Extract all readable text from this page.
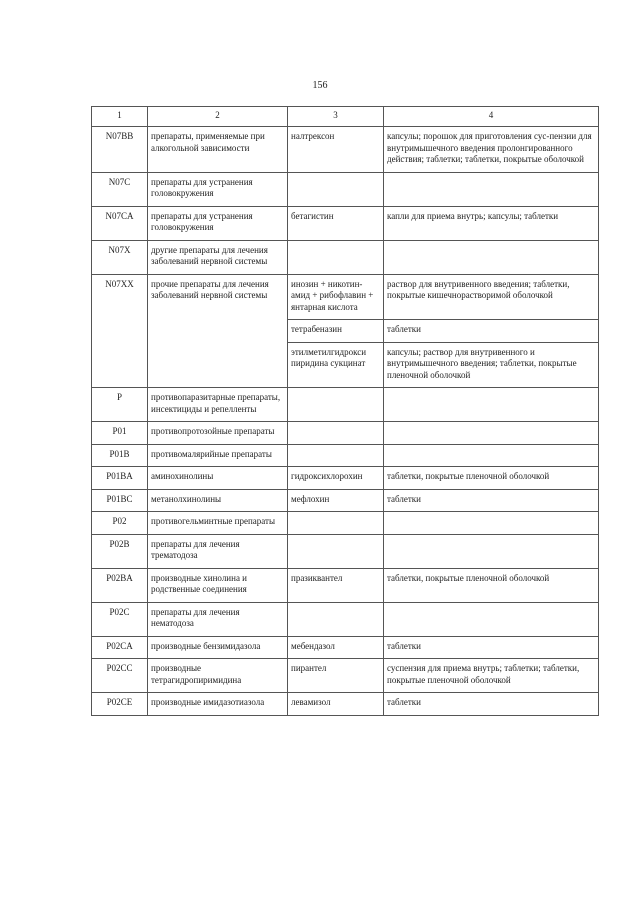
156
1	2	3	4
N07BB	препараты, применяемые при алкогольной зависимости	налтрексон	капсулы; порошок для приготовления сус-пензии для внутримышечного введения пролонгированного действия; таблетки; таблетки, покрытые оболочкой
N07C	препараты для устранения головокружения		
N07CA	препараты для устранения головокружения	бетагистин	капли для приема внутрь; капсулы; таблетки
N07X	другие препараты для лечения заболеваний нервной системы		
N07XX	прочие препараты для лечения заболеваний нервной системы	инозин + никотин-амид + рибофлавин + янтарная кислота	раствор для внутривенного введения; таблетки, покрытые кишечнорастворимой оболочкой
		тетрабеназин	таблетки
		этилметилгидрокси пиридина сукцинат	капсулы; раствор для внутривенного и внутримышечного введения; таблетки, покрытые пленочной оболочкой
P	противопаразитарные препараты, инсектициды и репелленты		
P01	противопротозойные препараты		
P01B	противомалярийные препараты		
P01BA	аминохинолины	гидроксихлорохин	таблетки, покрытые пленочной оболочкой
P01BC	метанолхинолины	мефлохин	таблетки
P02	противогельминтные препараты		
P02B	препараты для лечения трематодоза		
P02BA	производные хинолина и родственные соединения	празиквантел	таблетки, покрытые пленочной оболочкой
P02C	препараты для лечения нематодоза		
P02CA	производные бензимидазола	мебендазол	таблетки
P02CC	производные тетрагидропиримидина	пирантел	суспензия для приема внутрь; таблетки; таблетки, покрытые пленочной оболочкой
P02CE	производные имидазотиазола	левамизол	таблетки
